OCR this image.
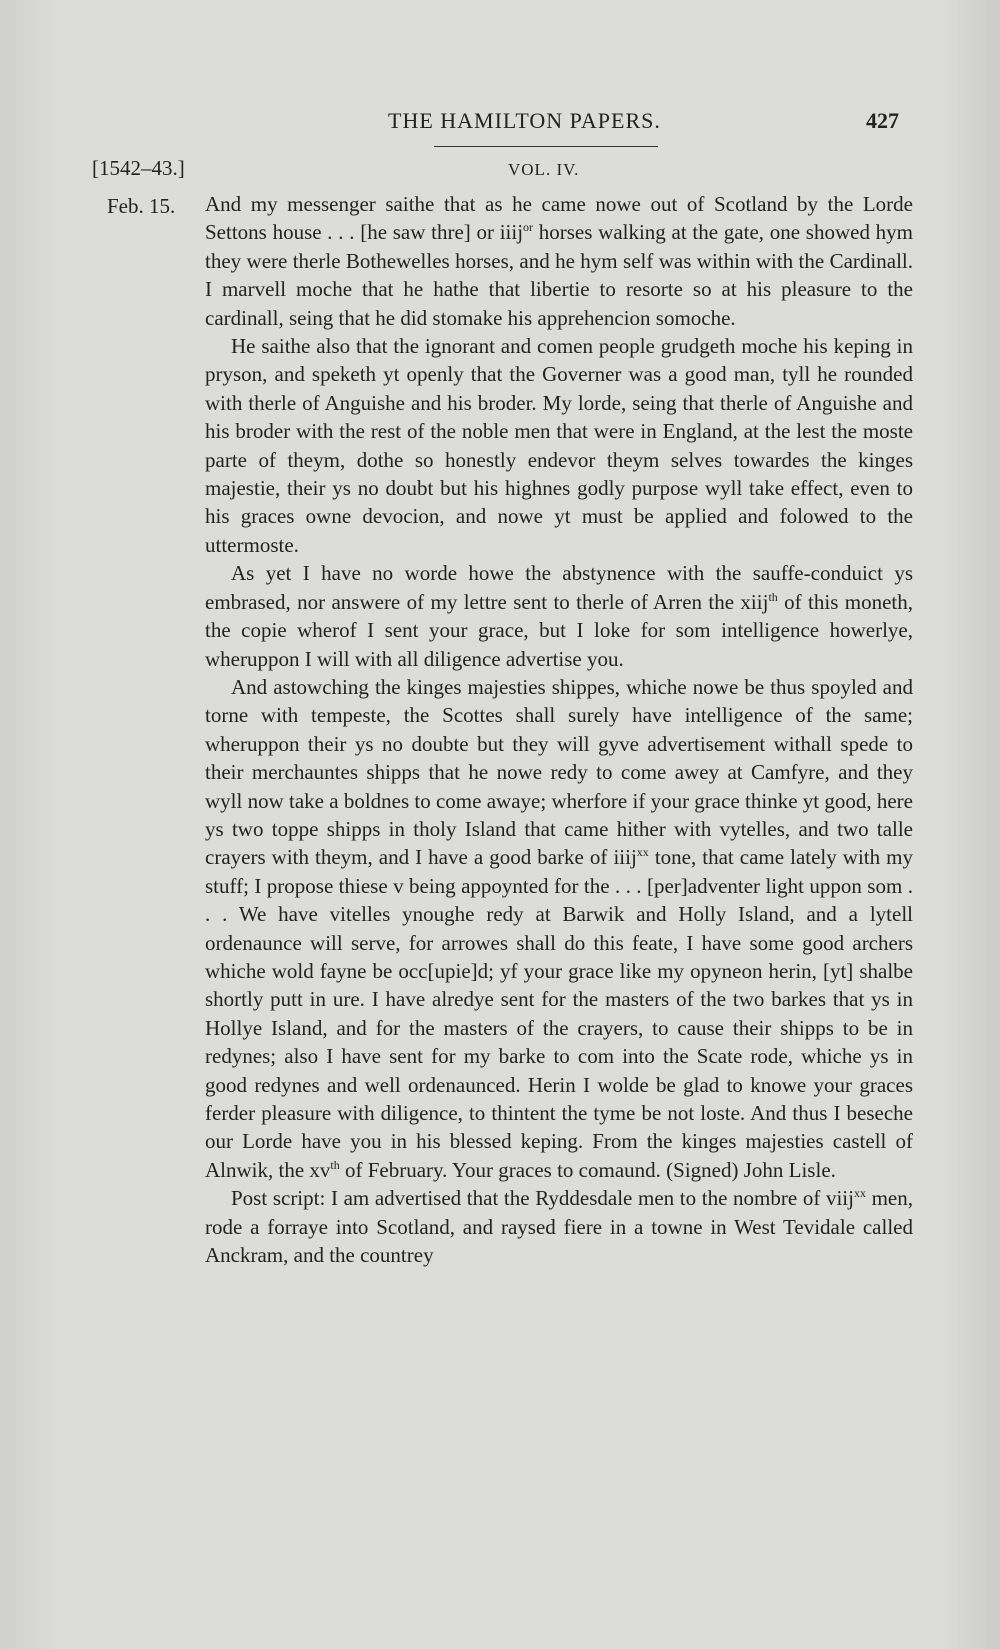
THE HAMILTON PAPERS.	427
[1542–43.]	VOL. IV.
Feb. 15. And my messenger saithe that as he came nowe out of Scotland by the Lorde Settons house . . . [he saw thre] or iiij$^{or}$ horses walking at the gate, one showed hym they were therle Bothewelles horses, and he hym self was within with the Cardinall. I marvell moche that he hathe that libertie to resorte so at his pleasure to the cardinall, seing that he did stomake his apprehencion somoche.

He saithe also that the ignorant and comen people grudgeth moche his keping in pryson, and speketh yt openly that the Governer was a good man, tyll he rounded with therle of Anguishe and his broder. My lorde, seing that therle of Anguishe and his broder with the rest of the noble men that were in England, at the lest the moste parte of theym, dothe so honestly endevor theym selves towardes the kinges majestie, their ys no doubt but his highnes godly purpose wyll take effect, even to his graces owne devocion, and nowe yt must be applied and folowed to the uttermoste.

As yet I have no worde howe the abstynence with the sauffe-conduict ys embrased, nor answere of my lettre sent to therle of Arren the xiij$^{th}$ of this moneth, the copie wherof I sent your grace, but I loke for som intelligence howerlye, wheruppon I will with all diligence advertise you.

And astowching the kinges majesties shippes, whiche nowe be thus spoyled and torne with tempeste, the Scottes shall surely have intelligence of the same; wheruppon their ys no doubte but they will gyve advertisement withall spede to their merchauntes shipps that he nowe redy to come awey at Camfyre, and they wyll now take a boldnes to come awaye; wherfore if your grace thinke yt good, here ys two toppe shipps in tholy Island that came hither with vytelles, and two talle crayers with theym, and I have a good barke of iiij$^{xx}$ tone, that came lately with my stuff; I propose thiese v being appoynted for the . . . [per]adventer light uppon som . . . We have vitelles ynoughe redy at Barwik and Holly Island, and a lytell ordenaunce will serve, for arrowes shall do this feate, I have some good archers whiche wold fayne be occ[upie]d; yf your grace like my opyneon herin, [yt] shalbe shortly putt in ure. I have alredye sent for the masters of the two barkes that ys in Hollye Island, and for the masters of the crayers, to cause their shipps to be in redynes; also I have sent for my barke to com into the Scate rode, whiche ys in good redynes and well ordenaunced. Herin I wolde be glad to knowe your graces ferder pleasure with diligence, to thintent the tyme be not loste. And thus I beseche our Lorde have you in his blessed keping. From the kinges majesties castell of Alnwik, the $xv^{th}$ of February. Your graces to comaund. (Signed) John Lisle.

Post script: I am advertised that the Ryddesdale men to the nombre of viij$^{xx}$ men, rode a forraye into Scotland, and raysed fiere in a towne in West Tevidale called Anckram, and the countrey
